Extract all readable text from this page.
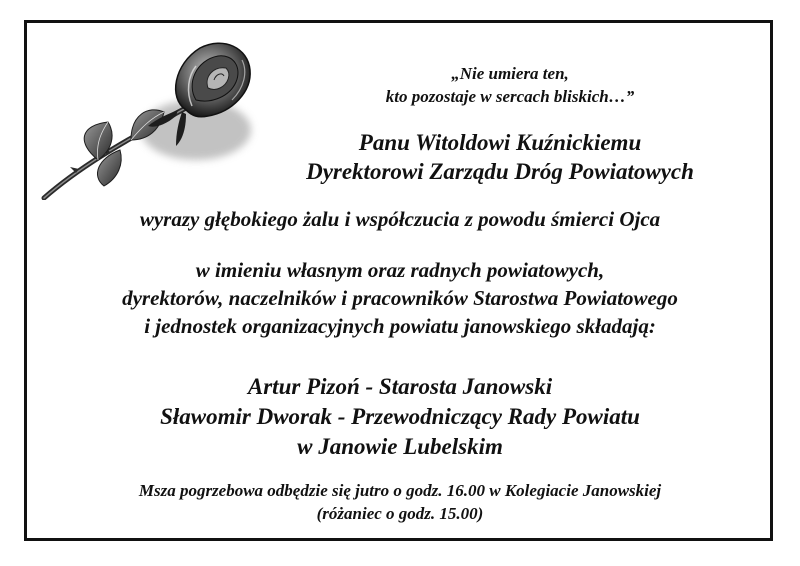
„Nie umiera ten,
kto pozostaje w sercach bliskich…”
Panu Witoldowi Kuźnickiemu
Dyrektorowi Zarządu Dróg Powiatowych
wyrazy głębokiego żalu i współczucia z powodu śmierci Ojca
w imieniu własnym oraz radnych powiatowych,
dyrektorów, naczelników i pracowników Starostwa Powiatowego
i jednostek organizacyjnych powiatu janowskiego składają:
Artur Pizoń - Starosta Janowski
Sławomir Dworak - Przewodniczący Rady Powiatu
w Janowie Lubelskim
Msza pogrzebowa odbędzie się jutro o godz. 16.00 w Kolegiacie Janowskiej
(różaniec o godz. 15.00)
